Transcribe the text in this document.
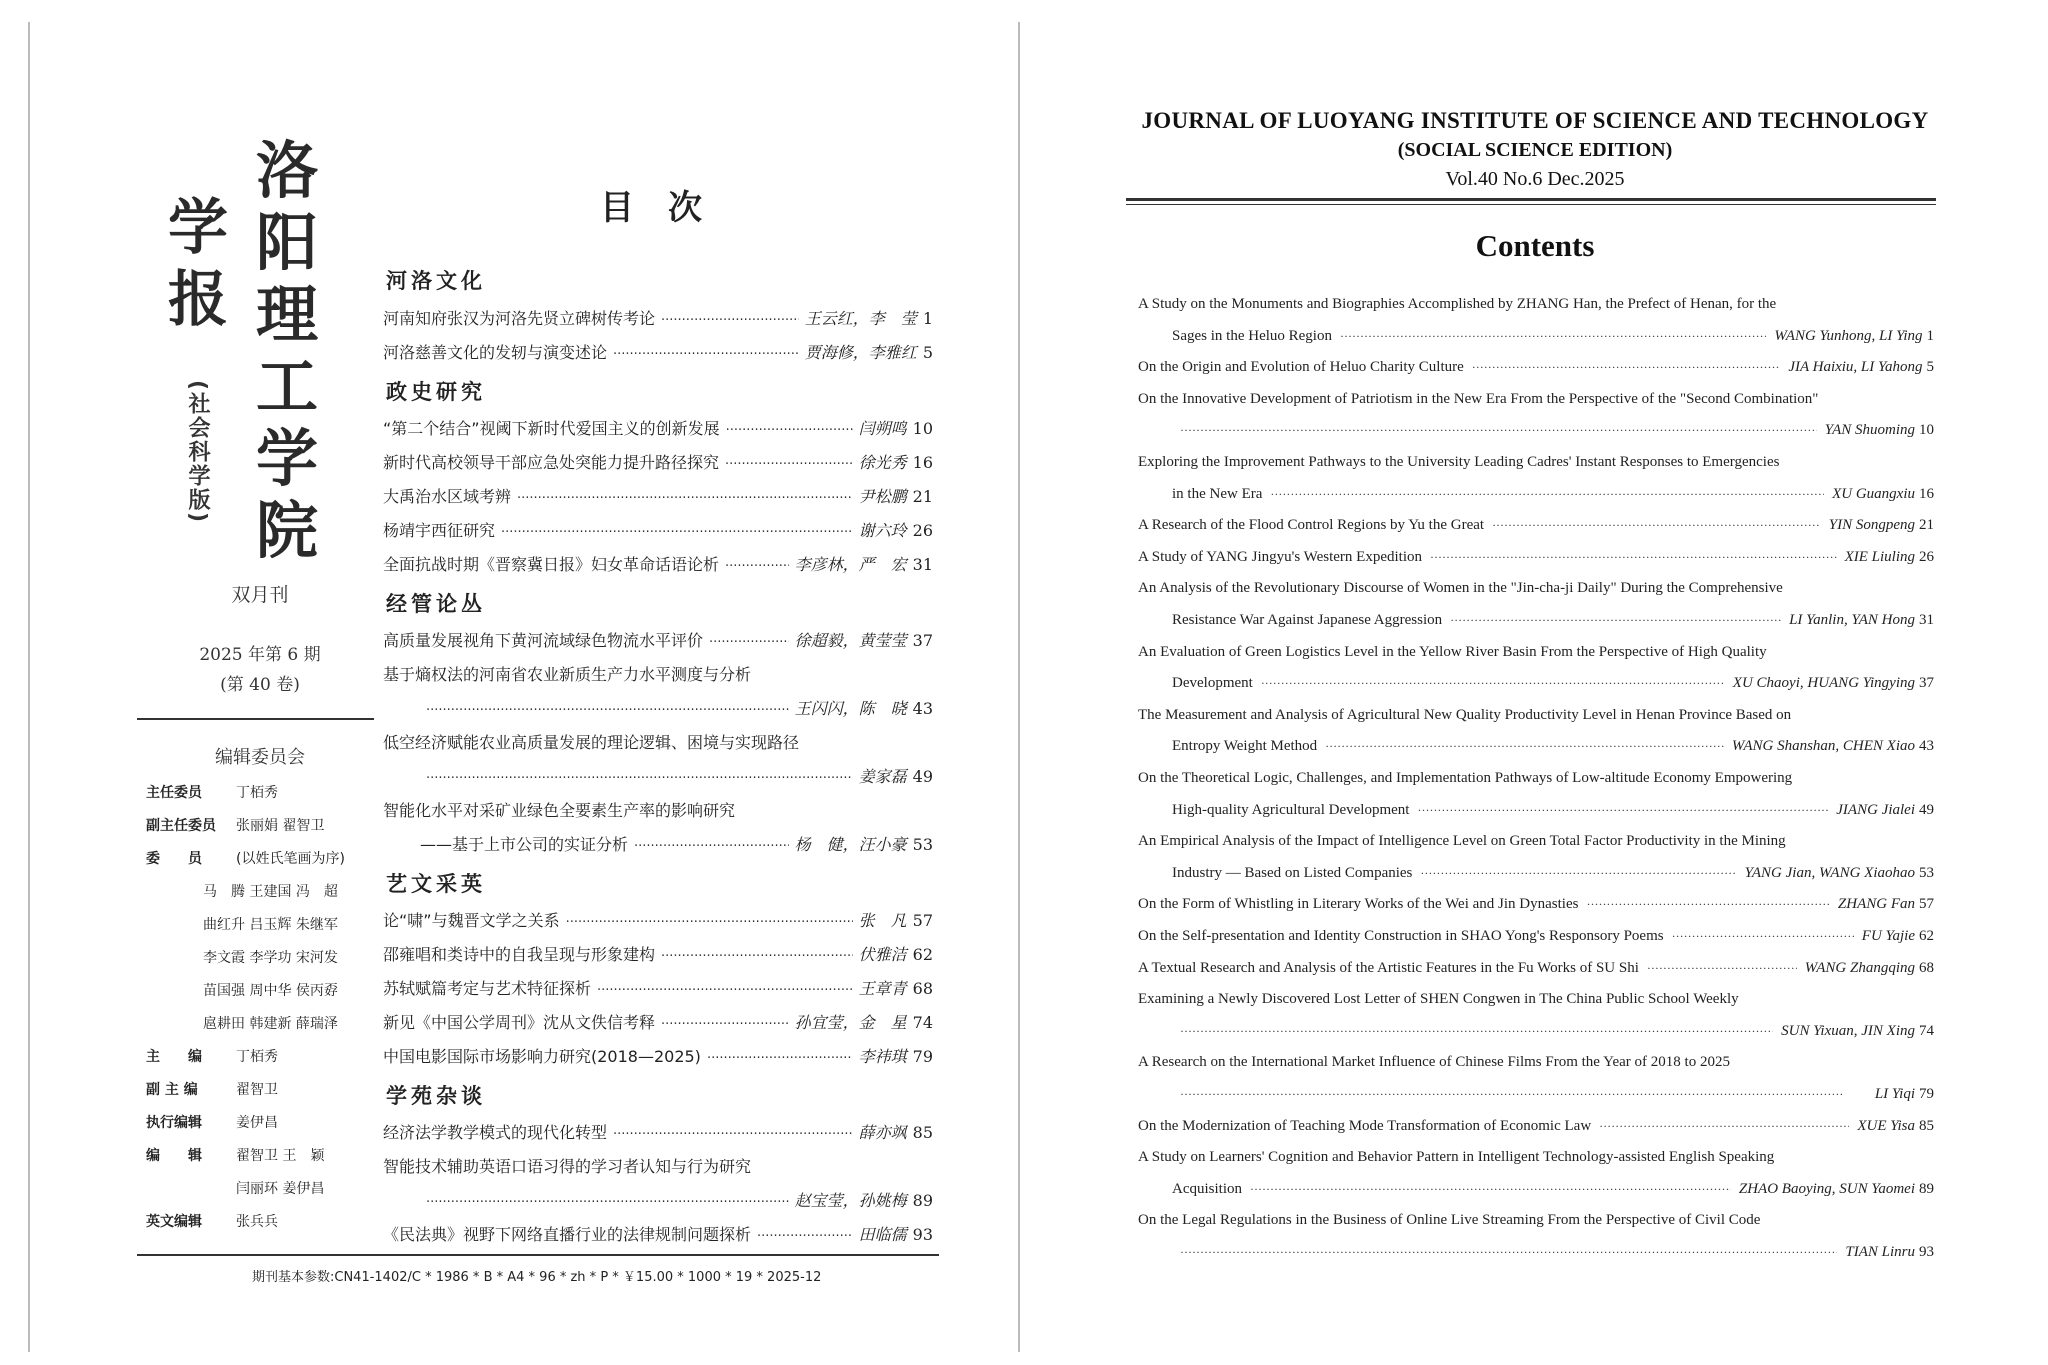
学
报
(社会科学版)
洛
阳
理
工
学
院
双月刊
2025 年第 6 期
(第 40 卷)
编辑委员会
主任委员 丁栢秀
副主任委员 张丽娟 翟智卫
委　　员 (以姓氏笔画为序)
马　腾 王建国 冯　超
曲红升 吕玉辉 朱继军
李文霞 李学功 宋河发
苗国强 周中华 侯丙孬
扈耕田 韩建新 薛瑞泽
主　　编 丁栢秀
副 主 编	翟智卫
执行编辑 姜伊昌
编　　辑 翟智卫 王　颖
闫丽环 姜伊昌
英文编辑 张兵兵
目次
河洛文化
河南知府张汉为河洛先贤立碑树传考论 ·····	王云红，李　莹 1
河洛慈善文化的发轫与演变述论 ·····	贾海修，李雅红 5
政史研究
“第二个结合”视阈下新时代爱国主义的创新发展 ·····	闫朔鸣 10
新时代高校领导干部应急处突能力提升路径探究 ·····	徐光秀 16
大禹治水区域考辨 ·····	尹松鹏 21
杨靖宇西征研究 ·····	谢六玲 26
全面抗战时期《晋察冀日报》妇女革命话语论析 ·····	李彦林，严　宏 31
经管论丛
高质量发展视角下黄河流域绿色物流水平评价 ·····	徐超毅，黄莹莹 37
基于熵权法的河南省农业新质生产力水平测度与分析
·····
王闪闪，陈　晓 43
低空经济赋能农业高质量发展的理论逻辑、困境与实现路径
·····
姜家磊 49
智能化水平对采矿业绿色全要素生产率的影响研究
——基于上市公司的实证分析 ·····	杨　健，汪小豪 53
艺文采英
论“啸”与魏晋文学之关系 ·····	张　凡 57
邵雍唱和类诗中的自我呈现与形象建构 ·····	伏雅洁 62
苏轼赋篇考定与艺术特征探析 ·····	王章青 68
新见《中国公学周刊》沈从文佚信考释 ·····	孙宜莹，金　星 74
中国电影国际市场影响力研究(2018—2025) ·····	李祎琪 79
学苑杂谈
经济法学教学模式的现代化转型 ·····	薛亦飒 85
智能技术辅助英语口语习得的学习者认知与行为研究
·····
赵宝莹，孙姚梅 89
《民法典》视野下网络直播行业的法律规制问题探析 ·····	田临儒 93
期刊基本参数:CN41-1402/C * 1986 * B * A4 * 96 * zh * P * ￥15.00 * 1000 * 19 * 2025-12
JOURNAL OF LUOYANG INSTITUTE OF SCIENCE AND TECHNOLOGY
(SOCIAL SCIENCE EDITION)
Vol.40 No.6 Dec.2025
Contents
A Study on the Monuments and Biographies Accomplished by ZHANG Han, the Prefect of Henan, for the
Sages in the Heluo Region ·····	WANG Yunhong, LI Ying 1
On the Origin and Evolution of Heluo Charity Culture ·····	JIA Haixiu, LI Yahong 5
On the Innovative Development of Patriotism in the New Era From the Perspective of the "Second Combination"
·····
YAN Shuoming 10
Exploring the Improvement Pathways to the University Leading Cadres' Instant Responses to Emergencies
in the New Era ·····	XU Guangxiu 16
A Research of the Flood Control Regions by Yu the Great ·····	YIN Songpeng 21
A Study of YANG Jingyu's Western Expedition ·····	XIE Liuling 26
An Analysis of the Revolutionary Discourse of Women in the "Jin-cha-ji Daily" During the Comprehensive
Resistance War Against Japanese Aggression ·····	LI Yanlin, YAN Hong 31
An Evaluation of Green Logistics Level in the Yellow River Basin From the Perspective of High Quality
Development ·····	XU Chaoyi, HUANG Yingying 37
The Measurement and Analysis of Agricultural New Quality Productivity Level in Henan Province Based on
Entropy Weight Method ·····	WANG Shanshan, CHEN Xiao 43
On the Theoretical Logic, Challenges, and Implementation Pathways of Low-altitude Economy Empowering
High-quality Agricultural Development ·····	JIANG Jialei 49
An Empirical Analysis of the Impact of Intelligence Level on Green Total Factor Productivity in the Mining
Industry — Based on Listed Companies ·····	YANG Jian, WANG Xiaohao 53
On the Form of Whistling in Literary Works of the Wei and Jin Dynasties ·····	ZHANG Fan 57
On the Self-presentation and Identity Construction in SHAO Yong's Responsory Poems ·····	FU Yajie 62
A Textual Research and Analysis of the Artistic Features in the Fu Works of SU Shi ·····	WANG Zhangqing 68
Examining a Newly Discovered Lost Letter of SHEN Congwen in The China Public School Weekly
·····
SUN Yixuan, JIN Xing 74
A Research on the International Market Influence of Chinese Films From the Year of 2018 to 2025
·····
LI Yiqi 79
On the Modernization of Teaching Mode Transformation of Economic Law ·····	XUE Yisa 85
A Study on Learners' Cognition and Behavior Pattern in Intelligent Technology-assisted English Speaking
Acquisition ·····	ZHAO Baoying, SUN Yaomei 89
On the Legal Regulations in the Business of Online Live Streaming From the Perspective of Civil Code
·····
TIAN Linru 93
